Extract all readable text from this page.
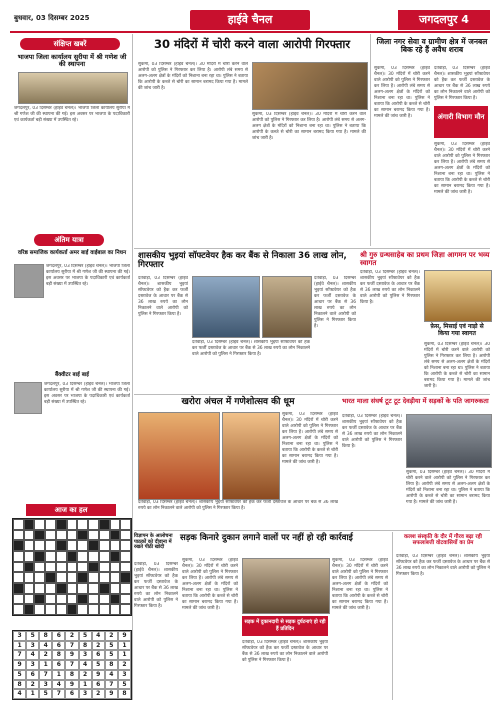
बुधवार, 03 दिसम्बर 2025	हाईवे चैनल	जगदलपुर 4
संक्षिप्त खबरें
भाजपा जिला कार्यालय सुरीया में श्री गणेश जी की स्थापना
जगदलपुर, 03 दिसम्बर (हाईवे चैनल)। भाजपा जिला कार्यालय सुरीया में श्री गणेश जी की स्थापना की गई। इस अवसर पर भाजपा के पदाधिकारी एवं कार्यकर्ता बड़ी संख्या में उपस्थित रहे।
अंतिम यात्रा
वरिष्ठ समाजिक कार्यकर्ता अमर बाई वाईबाल का निधन
जगदलपुर, 03 दिसम्बर (हाईवे चैनल)। भाजपा जिला कार्यालय सुरीया में श्री गणेश जी की स्थापना की गई। इस अवसर पर भाजपा के पदाधिकारी एवं कार्यकर्ता बड़ी संख्या में उपस्थित रहे।
बैंक्वीटर बाई बाई
जगदलपुर, 03 दिसम्बर (हाईवे चैनल)। भाजपा जिला कार्यालय सुरीया में श्री गणेश जी की स्थापना की गई। इस अवसर पर भाजपा के पदाधिकारी एवं कार्यकर्ता बड़ी संख्या में उपस्थित रहे।
आज का हल
3	5	8	6	2	5	4	2	9
1	3	4	6	7	8	2	5	1
7	4	2	8	9	3	6	5	1
9	3	1	6	7	4	5	8	2
5	6	7	1	8	2	9	4	3
8	2	3	4	9	1	6	7	5
4	1	5	7	6	3	2	9	8
30 मंदिरों में चोरी करने वाला आरोपी गिरफ्तार
सुकमा, 03 दिसम्बर (हाईवे चैनल)। 30 मंदिरों में चोरी करने वाले आरोपी को पुलिस ने गिरफ्तार कर लिया है। आरोपी लंबे समय से अलग-अलग क्षेत्रों के मंदिरों को निशाना बना रहा था। पुलिस ने बताया कि आरोपी के कब्जे से चोरी का सामान बरामद किया गया है। मामले की जांच जारी है।
सुकमा, 03 दिसम्बर (हाईवे चैनल)। 30 मंदिरों में चोरी करने वाले आरोपी को पुलिस ने गिरफ्तार कर लिया है। आरोपी लंबे समय से अलग-अलग क्षेत्रों के मंदिरों को निशाना बना रहा था। पुलिस ने बताया कि आरोपी के कब्जे से चोरी का सामान बरामद किया गया है। मामले की जांच जारी है।
जिला नगर सेवा व ग्रामीण क्षेत्र में जनबल बिक रहे हैं अवैध शराब
सुकमा, 03 दिसम्बर (हाईवे चैनल)। 30 मंदिरों में चोरी करने वाले आरोपी को पुलिस ने गिरफ्तार कर लिया है। आरोपी लंबे समय से अलग-अलग क्षेत्रों के मंदिरों को निशाना बना रहा था। पुलिस ने बताया कि आरोपी के कब्जे से चोरी का सामान बरामद किया गया है। मामले की जांच जारी है।	अंगारी विभाग मौन
दंतेवाड़ा, 03 दिसम्बर (हाईवे चैनल)। शासकीय भुइयां सॉफ्टवेयर को हैक कर फर्जी दस्तावेज के आधार पर बैंक से 36 लाख रुपये का लोन निकालने वाले आरोपी को पुलिस ने गिरफ्तार किया है।
सुकमा, 03 दिसम्बर (हाईवे चैनल)। 30 मंदिरों में चोरी करने वाले आरोपी को पुलिस ने गिरफ्तार कर लिया है। आरोपी लंबे समय से अलग-अलग क्षेत्रों के मंदिरों को निशाना बना रहा था। पुलिस ने बताया कि आरोपी के कब्जे से चोरी का सामान बरामद किया गया है। मामले की जांच जारी है।
शासकीय भुइयां सॉफ्टवेयर हैक कर बैंक से निकाला 36 लाख लोन, गिरफ्तार
दंतेवाड़ा, 03 दिसम्बर (हाईवे चैनल)। शासकीय भुइयां सॉफ्टवेयर को हैक कर फर्जी दस्तावेज के आधार पर बैंक से 36 लाख रुपये का लोन निकालने वाले आरोपी को पुलिस ने गिरफ्तार किया है।
दंतेवाड़ा, 03 दिसम्बर (हाईवे चैनल)। शासकीय भुइयां सॉफ्टवेयर को हैक कर फर्जी दस्तावेज के आधार पर बैंक से 36 लाख रुपये का लोन निकालने वाले आरोपी को पुलिस ने गिरफ्तार किया है।
दंतेवाड़ा, 03 दिसम्बर (हाईवे चैनल)। शासकीय भुइयां सॉफ्टवेयर को हैक कर फर्जी दस्तावेज के आधार पर बैंक से 36 लाख रुपये का लोन निकालने वाले आरोपी को पुलिस ने गिरफ्तार किया है।
श्री गुरु ग्रन्थसाहेब का प्रथम जिज्ञा आगमन पर भव्य स्वागत
दंतेवाड़ा, 03 दिसम्बर (हाईवे चैनल)। शासकीय भुइयां सॉफ्टवेयर को हैक कर फर्जी दस्तावेज के आधार पर बैंक से 36 लाख रुपये का लोन निकालने वाले आरोपी को पुलिस ने गिरफ्तार किया है।
फ़ेस, मिसाई एवं नाड़ो से किया गया स्वागत
सुकमा, 03 दिसम्बर (हाईवे चैनल)। 30 मंदिरों में चोरी करने वाले आरोपी को पुलिस ने गिरफ्तार कर लिया है। आरोपी लंबे समय से अलग-अलग क्षेत्रों के मंदिरों को निशाना बना रहा था। पुलिस ने बताया कि आरोपी के कब्जे से चोरी का सामान बरामद किया गया है। मामले की जांच जारी है।
खरोरा अंचल में गणेशोत्सव की धूम
सुकमा, 03 दिसम्बर (हाईवे चैनल)। 30 मंदिरों में चोरी करने वाले आरोपी को पुलिस ने गिरफ्तार कर लिया है। आरोपी लंबे समय से अलग-अलग क्षेत्रों के मंदिरों को निशाना बना रहा था। पुलिस ने बताया कि आरोपी के कब्जे से चोरी का सामान बरामद किया गया है। मामले की जांच जारी है।
दंतेवाड़ा, 03 दिसम्बर (हाईवे चैनल)। शासकीय भुइयां सॉफ्टवेयर को हैक कर फर्जी दस्तावेज के आधार पर बैंक से 36 लाख रुपये का लोन निकालने वाले आरोपी को पुलिस ने गिरफ्तार किया है।
भारत माला संघर्ष टूट टूट देवड़ीया में सड़कों के पति जागरुकता
दंतेवाड़ा, 03 दिसम्बर (हाईवे चैनल)। शासकीय भुइयां सॉफ्टवेयर को हैक कर फर्जी दस्तावेज के आधार पर बैंक से 36 लाख रुपये का लोन निकालने वाले आरोपी को पुलिस ने गिरफ्तार किया है।
सुकमा, 03 दिसम्बर (हाईवे चैनल)। 30 मंदिरों में चोरी करने वाले आरोपी को पुलिस ने गिरफ्तार कर लिया है। आरोपी लंबे समय से अलग-अलग क्षेत्रों के मंदिरों को निशाना बना रहा था। पुलिस ने बताया कि आरोपी के कब्जे से चोरी का सामान बरामद किया गया है। मामले की जांच जारी है।
सड़क किनारे दुकान लगाने वालों पर नहीं हो रही कार्रवाई
विज्ञापन के आलोचना पाठकों को दीवाना में रखते पीठी खोदी
दंतेवाड़ा, 03 दिसम्बर (हाईवे चैनल)। शासकीय भुइयां सॉफ्टवेयर को हैक कर फर्जी दस्तावेज के आधार पर बैंक से 36 लाख रुपये का लोन निकालने वाले आरोपी को पुलिस ने गिरफ्तार किया है।
सुकमा, 03 दिसम्बर (हाईवे चैनल)। 30 मंदिरों में चोरी करने वाले आरोपी को पुलिस ने गिरफ्तार कर लिया है। आरोपी लंबे समय से अलग-अलग क्षेत्रों के मंदिरों को निशाना बना रहा था। पुलिस ने बताया कि आरोपी के कब्जे से चोरी का सामान बरामद किया गया है। मामले की जांच जारी है।
सड़क में दुकानदारी से सड़क दुर्घटनाएं हो रही हैं प्रतिदिन
दंतेवाड़ा, 03 दिसम्बर (हाईवे चैनल)। शासकीय भुइयां सॉफ्टवेयर को हैक कर फर्जी दस्तावेज के आधार पर बैंक से 36 लाख रुपये का लोन निकालने वाले आरोपी को पुलिस ने गिरफ्तार किया है।
सुकमा, 03 दिसम्बर (हाईवे चैनल)। 30 मंदिरों में चोरी करने वाले आरोपी को पुलिस ने गिरफ्तार कर लिया है। आरोपी लंबे समय से अलग-अलग क्षेत्रों के मंदिरों को निशाना बना रहा था। पुलिस ने बताया कि आरोपी के कब्जे से चोरी का सामान बरामद किया गया है। मामले की जांच जारी है।
कलश संस्कृति के दौर में गौरव बढ़ा रही सफलाबत्ती वोटवासियों का प्रेम
दंतेवाड़ा, 03 दिसम्बर (हाईवे चैनल)। शासकीय भुइयां सॉफ्टवेयर को हैक कर फर्जी दस्तावेज के आधार पर बैंक से 36 लाख रुपये का लोन निकालने वाले आरोपी को पुलिस ने गिरफ्तार किया है।
